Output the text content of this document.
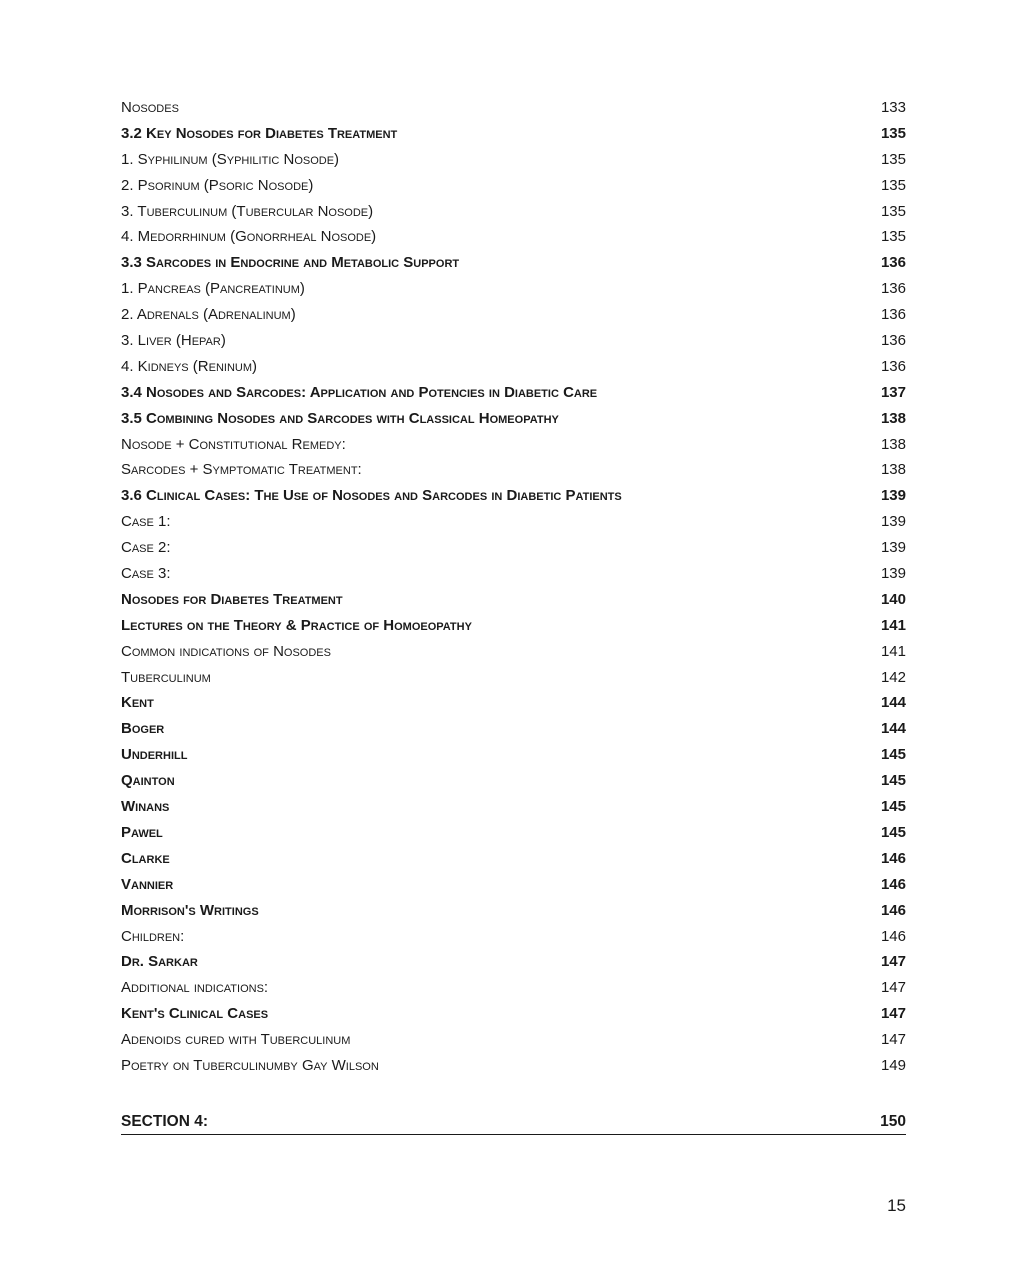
Nosodes	133
3.2 Key Nosodes for Diabetes Treatment	135
1. Syphilinum (Syphilitic Nosode)	135
2. Psorinum (Psoric Nosode)	135
3. Tuberculinum (Tubercular Nosode)	135
4. Medorrhinum (Gonorrheal Nosode)	135
3.3 Sarcodes in Endocrine and Metabolic Support	136
1. Pancreas (Pancreatinum)	136
2. Adrenals (Adrenalinum)	136
3. Liver (Hepar)	136
4. Kidneys (Reninum)	136
3.4 Nosodes and Sarcodes: Application and Potencies in Diabetic Care	137
3.5 Combining Nosodes and Sarcodes with Classical Homeopathy	138
Nosode + Constitutional Remedy:	138
Sarcodes + Symptomatic Treatment:	138
3.6 Clinical Cases: The Use of Nosodes and Sarcodes in Diabetic Patients	139
Case 1:	139
Case 2:	139
Case 3:	139
Nosodes for Diabetes Treatment	140
Lectures on the Theory & Practice of Homoeopathy	141
Common indications of Nosodes	141
Tuberculinum	142
Kent	144
Boger	144
Underhill	145
Qainton	145
Winans	145
Pawel	145
Clarke	146
Vannier	146
Morrison's Writings	146
Children:	146
Dr. Sarkar	147
Additional indications:	147
Kent's Clinical Cases	147
Adenoids cured with Tuberculinum	147
Poetry on Tuberculinumby Gay Wilson	149
SECTION 4:	150
15
